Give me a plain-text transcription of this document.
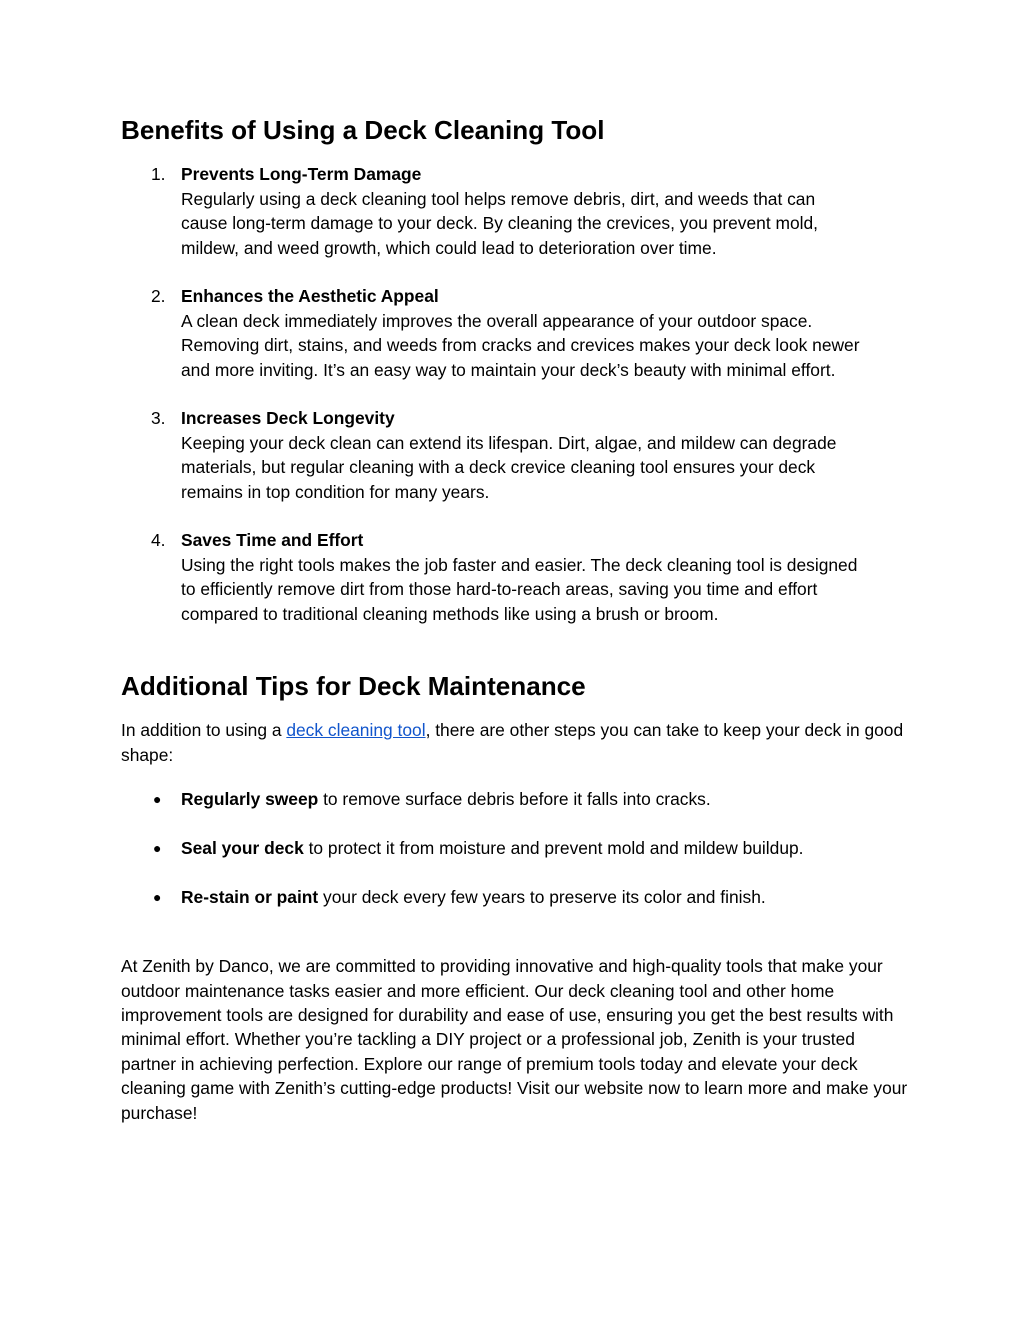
Benefits of Using a Deck Cleaning Tool
1. Prevents Long-Term Damage
Regularly using a deck cleaning tool helps remove debris, dirt, and weeds that can
cause long-term damage to your deck. By cleaning the crevices, you prevent mold,
mildew, and weed growth, which could lead to deterioration over time.
2. Enhances the Aesthetic Appeal
A clean deck immediately improves the overall appearance of your outdoor space.
Removing dirt, stains, and weeds from cracks and crevices makes your deck look newer
and more inviting. It’s an easy way to maintain your deck’s beauty with minimal effort.
3. Increases Deck Longevity
Keeping your deck clean can extend its lifespan. Dirt, algae, and mildew can degrade
materials, but regular cleaning with a deck crevice cleaning tool ensures your deck
remains in top condition for many years.
4. Saves Time and Effort
Using the right tools makes the job faster and easier. The deck cleaning tool is designed
to efficiently remove dirt from those hard-to-reach areas, saving you time and effort
compared to traditional cleaning methods like using a brush or broom.
Additional Tips for Deck Maintenance

In addition to using a deck cleaning tool, there are other steps you can take to keep your deck in good shape:

● Regularly sweep to remove surface debris before it falls into cracks.
● Seal your deck to protect it from moisture and prevent mold and mildew buildup.
● Re-stain or paint your deck every few years to preserve its color and finish.

At Zenith by Danco, we are committed to providing innovative and high-quality tools that make your outdoor maintenance tasks easier and more efficient. Our deck cleaning tool and other home improvement tools are designed for durability and ease of use, ensuring you get the best results with minimal effort. Whether you’re tackling a DIY project or a professional job, Zenith is your trusted partner in achieving perfection. Explore our range of premium tools today and elevate your deck cleaning game with Zenith’s cutting-edge products! Visit our website now to learn more and make your purchase!
